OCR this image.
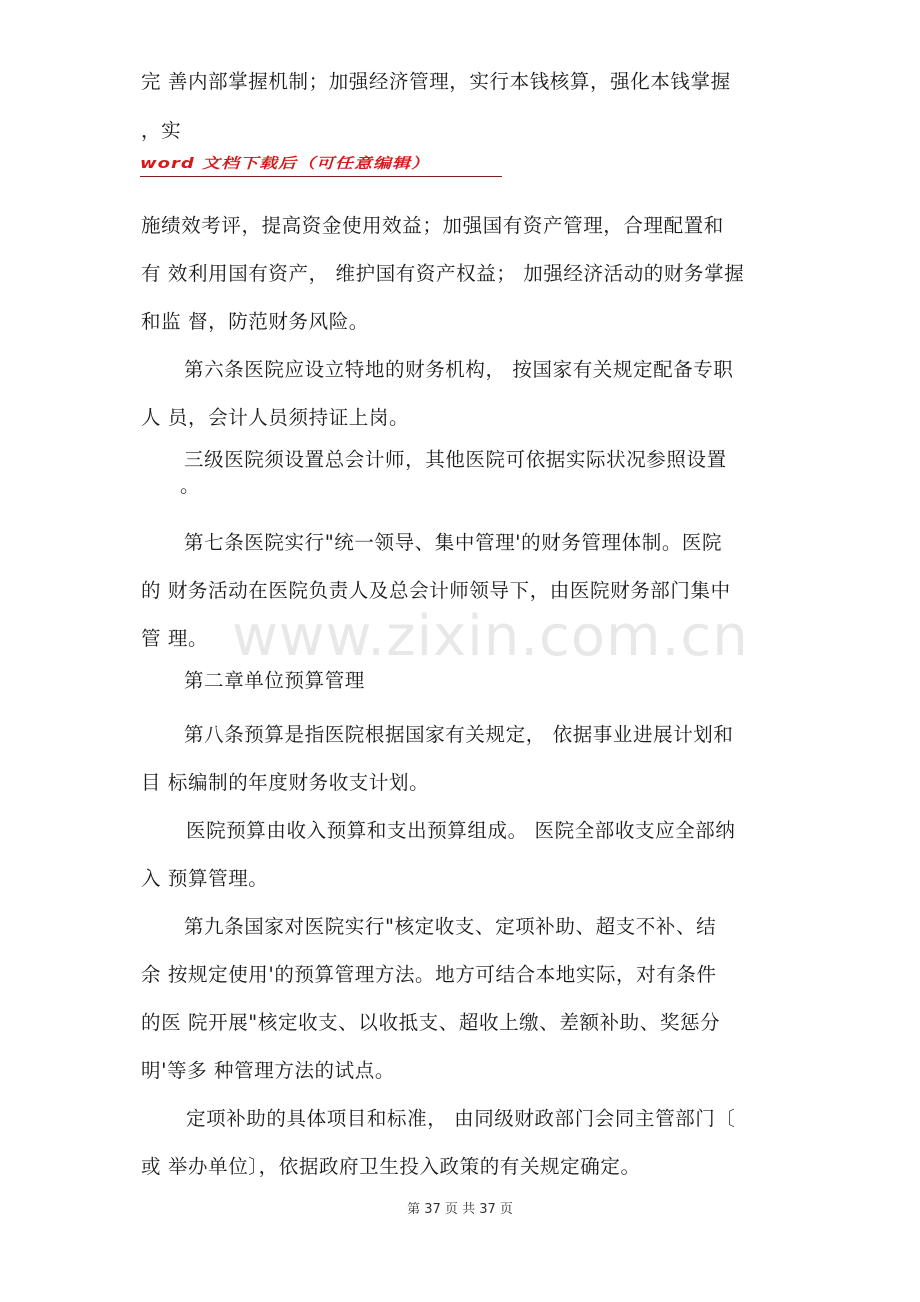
完 善内部掌握机制；加强经济管理，实行本钱核算，强化本钱掌握
，实
word 文档下载后（可任意编辑）
施绩效考评，提高资金使用效益；加强国有资产管理，合理配置和
有 效利用国有资产， 维护国有资产权益； 加强经济活动的财务掌握
和监 督，防范财务风险。
第六条医院应设立特地的财务机构， 按国家有关规定配备专职
人 员，会计人员须持证上岗。
三级医院须设置总会计师，其他医院可依据实际状况参照设置
。
第七条医院实行"统一领导、集中管理'的财务管理体制。医院
的 财务活动在医院负责人及总会计师领导下，由医院财务部门集中
管 理。
第二章单位预算管理
第八条预算是指医院根据国家有关规定， 依据事业进展计划和
目 标编制的年度财务收支计划。
医院预算由收入预算和支出预算组成。 医院全部收支应全部纳
入 预算管理。
第九条国家对医院实行"核定收支、定项补助、超支不补、结
余 按规定使用'的预算管理方法。地方可结合本地实际，对有条件
的医 院开展"核定收支、以收抵支、超收上缴、差额补助、奖惩分
明'等多 种管理方法的试点。
定项补助的具体项目和标准， 由同级财政部门会同主管部门〔
或 举办单位〕，依据政府卫生投入政策的有关规定确定。
www.zixin.com.cn
第 37 页 共 37 页
